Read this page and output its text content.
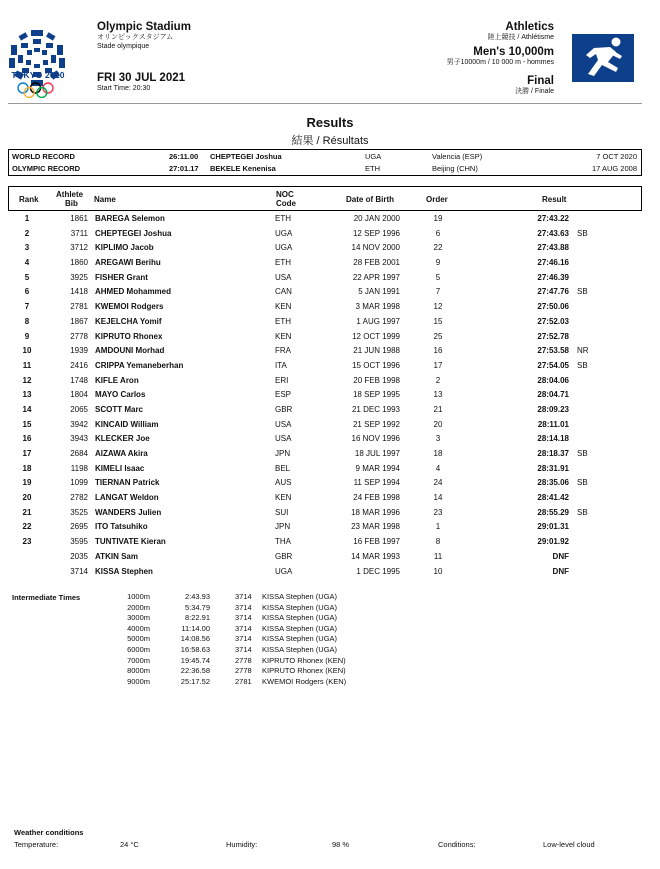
TOKYO 2020
Olympic Stadium
オリンピックスタジアム
Stade olympique
FRI 30 JUL 2021
Start Time: 20:30
Athletics
陸上競技 / Athlétisme
Men's 10,000m
男子10000m / 10 000 m - hommes
Final
決勝 / Finale
Results
結果 / Résultats
WORLD RECORD	26:11.00 CHEPTEGEI Joshua	UGA	Valencia (ESP)	7 OCT 2020
OLYMPIC RECORD	27:01.17 BEKELE Kenenisa	ETH	Beijing (CHN)	17 AUG 2008
Rank
Athlete
Bib Name
NOC
Code	Date of Birth	Order	Result
1	1861 BAREGA Selemon	ETH	20 JAN 2000	19	27:43.22
2	3711 CHEPTEGEI Joshua	UGA	12 SEP 1996	6	27:43.63 SB
3	3712 KIPLIMO Jacob	UGA	14 NOV 2000	22	27:43.88
4	1860 AREGAWI Berihu	ETH	28 FEB 2001	9	27:46.16
5	3925 FISHER Grant	USA	22 APR 1997	5	27:46.39
6	1418 AHMED Mohammed	CAN	5 JAN 1991	7	27:47.76 SB
7	2781 KWEMOI Rodgers	KEN	3 MAR 1998	12	27:50.06
8	1867 KEJELCHA Yomif	ETH	1 AUG 1997	15	27:52.03
9	2778 KIPRUTO Rhonex	KEN	12 OCT 1999	25	27:52.78
10	1939 AMDOUNI Morhad	FRA	21 JUN 1988	16	27:53.58 NR
11	2416 CRIPPA Yemaneberhan	ITA	15 OCT 1996	17	27:54.05 SB
12	1748 KIFLE Aron	ERI	20 FEB 1998	2	28:04.06
13	1804 MAYO Carlos	ESP	18 SEP 1995	13	28:04.71
14	2065 SCOTT Marc	GBR	21 DEC 1993	21	28:09.23
15	3942 KINCAID William	USA	21 SEP 1992	20	28:11.01
16	3943 KLECKER Joe	USA	16 NOV 1996	3	28:14.18
17	2684 AIZAWA Akira	JPN	18 JUL 1997	18	28:18.37 SB
18	1198 KIMELI Isaac	BEL	9 MAR 1994	4	28:31.91
19	1099 TIERNAN Patrick	AUS	11 SEP 1994	24	28:35.06 SB
20	2782 LANGAT Weldon	KEN	24 FEB 1998	14	28:41.42
21	3525 WANDERS Julien	SUI	18 MAR 1996	23	28:55.29 SB
22	2695 ITO Tatsuhiko	JPN	23 MAR 1998	1	29:01.31
23	3595 TUNTIVATE Kieran	THA	16 FEB 1997	8	29:01.92
2035 ATKIN Sam	GBR	14 MAR 1993	11	DNF
3714 KISSA Stephen	UGA	1 DEC 1995	10	DNF
Intermediate Times	1000m	2:43.93	3714 KISSA Stephen (UGA)
2000m	5:34.79	3714 KISSA Stephen (UGA)
3000m	8:22.91	3714 KISSA Stephen (UGA)
4000m	11:14.00	3714 KISSA Stephen (UGA)
5000m	14:08.56	3714 KISSA Stephen (UGA)
6000m	16:58.63	3714 KISSA Stephen (UGA)
7000m	19:45.74	2778 KIPRUTO Rhonex (KEN)
8000m	22:36.58	2778 KIPRUTO Rhonex (KEN)
9000m	25:17.52	2781 KWEMOI Rodgers (KEN)
Weather conditions
Temperature:	24 °C	Humidity:	98 %	Conditions:	Low-level cloud
